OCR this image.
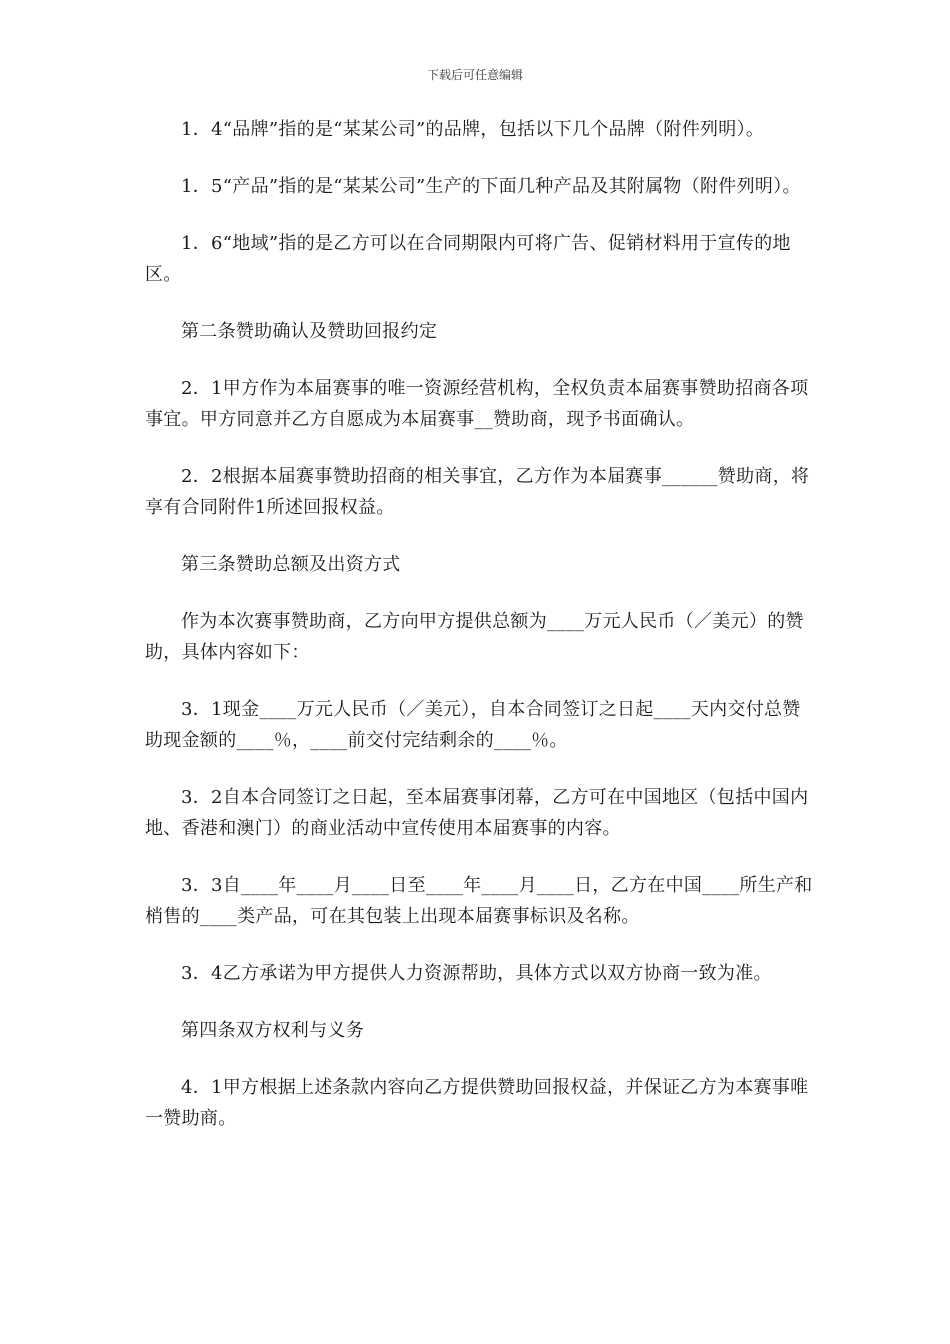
下载后可任意编辑

1．4“品牌”指的是“某某公司”的品牌，包括以下几个品牌（附件列明）。

1．5“产品”指的是“某某公司”生产的下面几种产品及其附属物（附件列明）。

1．6“地域”指的是乙方可以在合同期限内可将广告、促销材料用于宣传的地区。

第二条赞助确认及赞助回报约定

2．1甲方作为本届赛事的唯一资源经营机构，全权负责本届赛事赞助招商各项事宜。甲方同意并乙方自愿成为本届赛事__赞助商，现予书面确认。

2．2根据本届赛事赞助招商的相关事宜，乙方作为本届赛事______赞助商，将享有合同附件1所述回报权益。

第三条赞助总额及出资方式

作为本次赛事赞助商，乙方向甲方提供总额为____万元人民币（／美元）的赞助，具体内容如下：

3．1现金____万元人民币（／美元），自本合同签订之日起____天内交付总赞助现金额的____％，____前交付完结剩余的____％。

3．2自本合同签订之日起，至本届赛事闭幕，乙方可在中国地区（包括中国内地、香港和澳门）的商业活动中宣传使用本届赛事的内容。

3．3自____年____月____日至____年____月____日，乙方在中国____所生产和梢售的____类产品，可在其包装上出现本届赛事标识及名称。

3．4乙方承诺为甲方提供人力资源帮助，具体方式以双方协商一致为准。

第四条双方权利与义务

4．1甲方根据上述条款内容向乙方提供赞助回报权益，并保证乙方为本赛事唯一赞助商。
